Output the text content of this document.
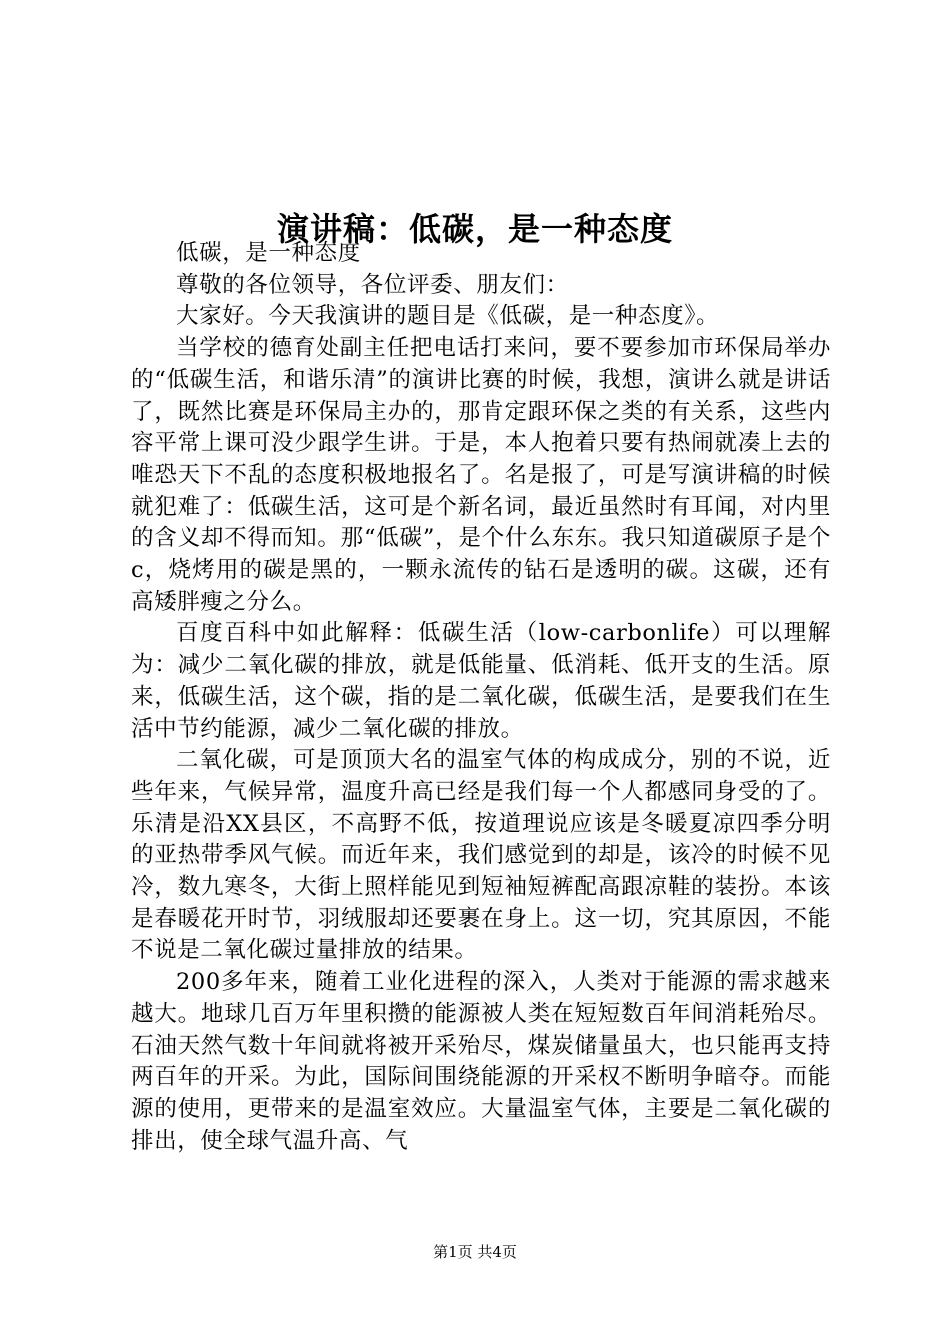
演讲稿：低碳，是一种态度

低碳，是一种态度

尊敬的各位领导，各位评委、朋友们：

大家好。今天我演讲的题目是《低碳，是一种态度》。

当学校的德育处副主任把电话打来问，要不要参加市环保局举办的“低碳生活，和谐乐清”的演讲比赛的时候，我想，演讲么就是讲话了，既然比赛是环保局主办的，那肯定跟环保之类的有关系，这些内容平常上课可没少跟学生讲。于是，本人抱着只要有热闹就凑上去的唯恐天下不乱的态度积极地报名了。名是报了，可是写演讲稿的时候就犯难了：低碳生活，这可是个新名词，最近虽然时有耳闻，对内里的含义却不得而知。那“低碳”，是个什么东东。我只知道碳原子是个c，烧烤用的碳是黑的，一颗永流传的钻石是透明的碳。这碳，还有高矮胖瘦之分么。

百度百科中如此解释：低碳生活（low-carbonlife）可以理解为：减少二氧化碳的排放，就是低能量、低消耗、低开支的生活。原来，低碳生活，这个碳，指的是二氧化碳，低碳生活，是要我们在生活中节约能源，减少二氧化碳的排放。

二氧化碳，可是顶顶大名的温室气体的构成成分，别的不说，近些年来，气候异常，温度升高已经是我们每一个人都感同身受的了。乐清是沿XX县区，不高野不低，按道理说应该是冬暖夏凉四季分明的亚热带季风气候。而近年来，我们感觉到的却是，该冷的时候不见冷，数九寒冬，大街上照样能见到短袖短裤配高跟凉鞋的装扮。本该是春暖花开时节，羽绒服却还要裹在身上。这一切，究其原因，不能不说是二氧化碳过量排放的结果。

200多年来，随着工业化进程的深入，人类对于能源的需求越来越大。地球几百万年里积攒的能源被人类在短短数百年间消耗殆尽。石油天然气数十年间就将被开采殆尽，煤炭储量虽大，也只能再支持两百年的开采。为此，国际间围绕能源的开采权不断明争暗夺。而能源的使用，更带来的是温室效应。大量温室气体，主要是二氧化碳的排出，使全球气温升高、气

第1页 共4页
